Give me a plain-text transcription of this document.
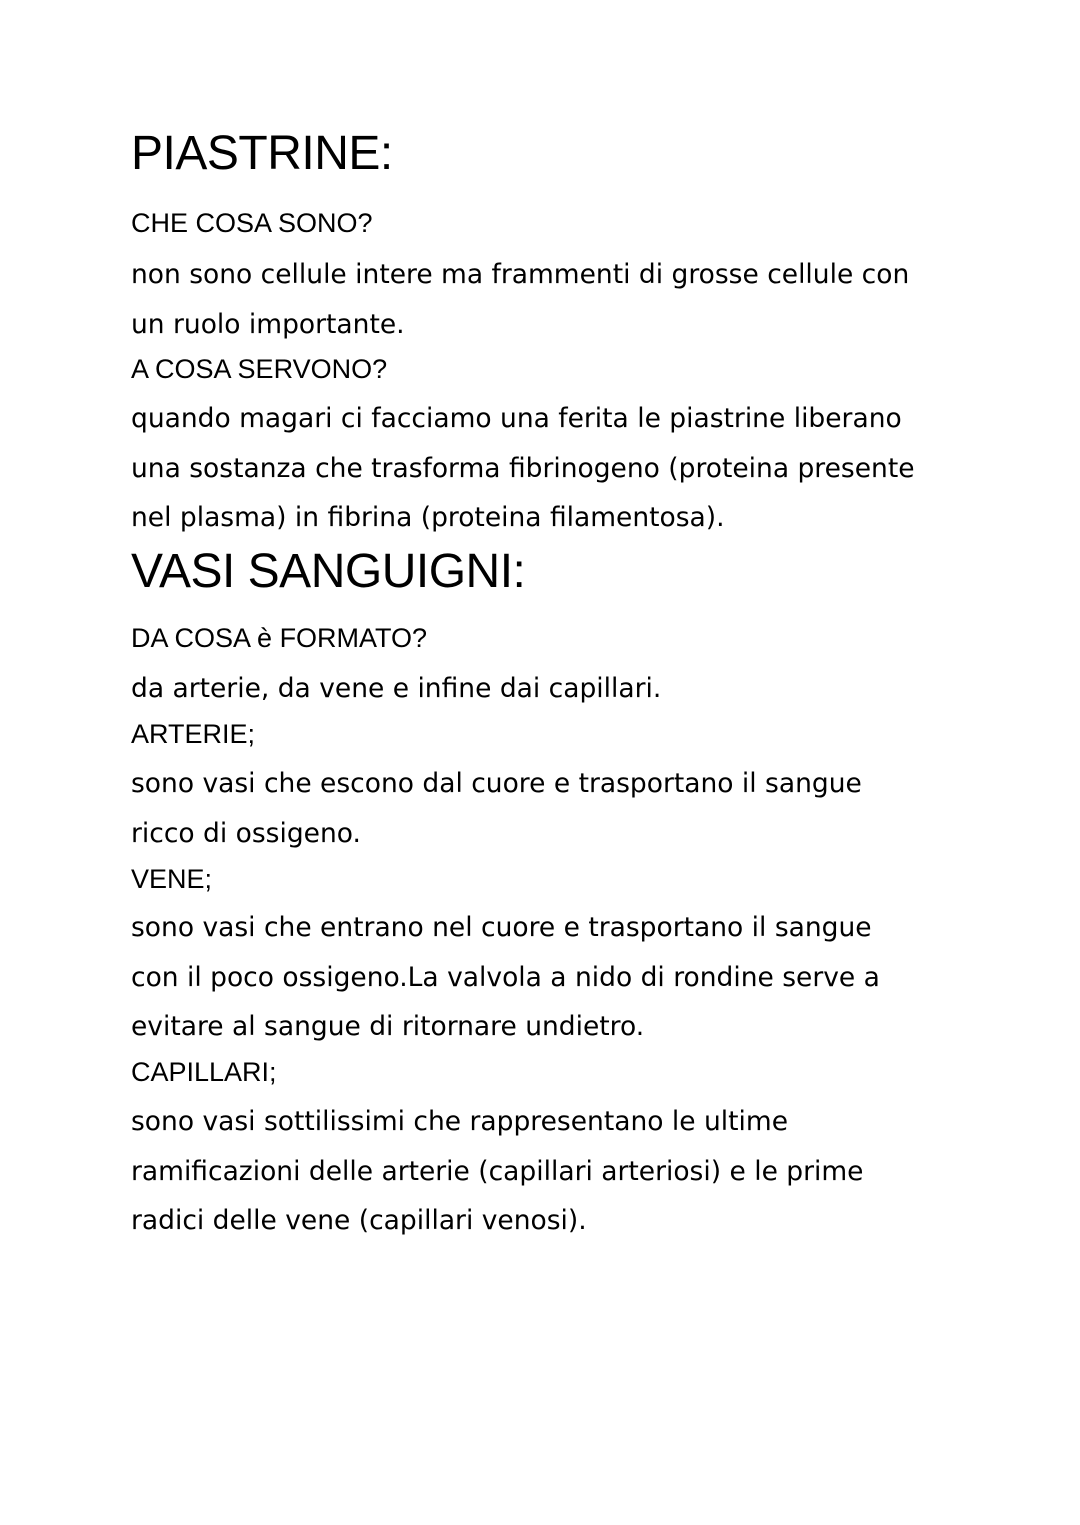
PIASTRINE:

CHE COSA SONO?

non sono cellule intere ma frammenti di grosse cellule con
un ruolo importante.

A COSA SERVONO?

quando magari ci facciamo una ferita le piastrine liberano
una sostanza che trasforma fibrinogeno (proteina presente
nel plasma) in fibrina (proteina filamentosa).

VASI SANGUIGNI:

DA COSA è FORMATO?

da arterie, da vene e infine dai capillari.

ARTERIE;

sono vasi che escono dal cuore e trasportano il sangue
ricco di ossigeno.

VENE;

sono vasi che entrano nel cuore e trasportano il sangue
con il poco ossigeno.La valvola a nido di rondine serve a
evitare al sangue di ritornare undietro.

CAPILLARI;

sono vasi sottilissimi che rappresentano le ultime
ramificazioni delle arterie (capillari arteriosi) e le prime
radici delle vene (capillari venosi).
